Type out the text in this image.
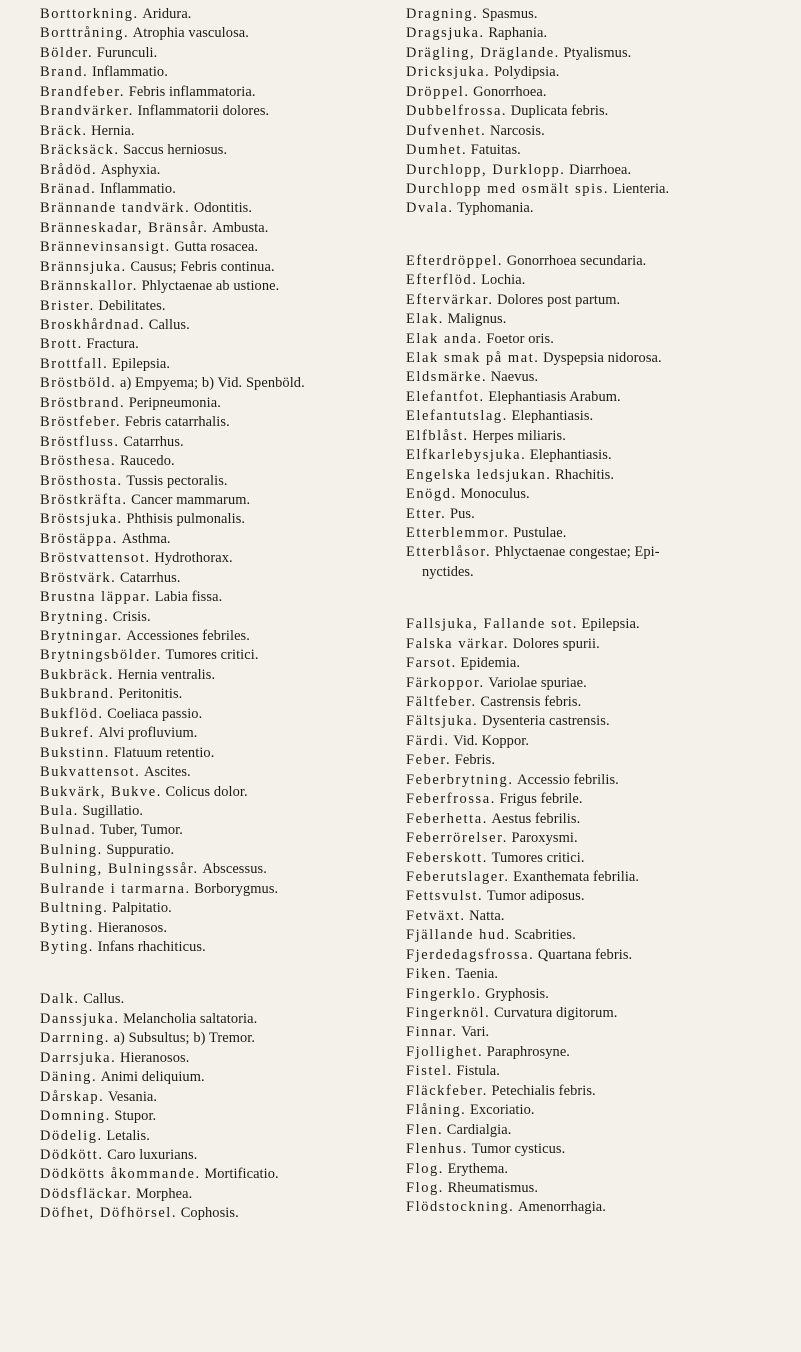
Borttorkning. Aridura.
Borttråning. Atrophia vasculosa.
Bölder. Furunculi.
Brand. Inflammatio.
Brandfeber. Febris inflammatoria.
Brandvärker. Inflammatorii dolores.
Bräck. Hernia.
Bräcksäck. Saccus herniosus.
Brådöd. Asphyxia.
Bränad. Inflammatio.
Brännande tandvärk. Odontitis.
Bränneskadar, Bränsår. Ambusta.
Brännevinsansigt. Gutta rosacea.
Brännsjuka. Causus; Febris continua.
Brännskallor. Phlyctaenae ab ustione.
Brister. Debilitates.
Broskhårdnad. Callus.
Brott. Fractura.
Brottfall. Epilepsia.
Bröstböld. a) Empyema; b) Vid. Spenböld.
Bröstbrand. Peripneumonia.
Bröstfeber. Febris catarrhalis.
Bröstfluss. Catarrhus.
Brösthesa. Raucedo.
Brösthosta. Tussis pectoralis.
Bröstkräfta. Cancer mammarum.
Bröstsjuka. Phthisis pulmonalis.
Bröstäppa. Asthma.
Bröstvattensot. Hydrothorax.
Bröstvärk. Catarrhus.
Brustna läppar. Labia fissa.
Brytning. Crisis.
Brytningar. Accessiones febriles.
Brytningsbölder. Tumores critici.
Bukbräck. Hernia ventralis.
Bukbrand. Peritonitis.
Bukflöd. Coeliaca passio.
Bukref. Alvi profluvium.
Bukstinn. Flatuum retentio.
Bukvattensot. Ascites.
Bukvärk, Bukve. Colicus dolor.
Bula. Sugillatio.
Bulnad. Tuber, Tumor.
Bulning. Suppuratio.
Bulning, Bulningssår. Abscessus.
Bulrande i tarmarna. Borborygmus.
Bultning. Palpitatio.
Byting. Hieranosos.
Byting. Infans rhachiticus.
Dalk. Callus.
Danssjuka. Melancholia saltatoria.
Darrning. a) Subsultus; b) Tremor.
Darrsjuka. Hieranosos.
Däning. Animi deliquium.
Dårskap. Vesania.
Domning. Stupor.
Dödelig. Letalis.
Dödkött. Caro luxurians.
Dödkötts åkommande. Mortificatio.
Dödsfläckar. Morphea.
Döfhet, Döfhörsel. Cophosis.
Dragning. Spasmus.
Dragsjuka. Raphania.
Drägling, Dräglande. Ptyalismus.
Dricksjuka. Polydipsia.
Dröppel. Gonorrhoea.
Dubbelfrossa. Duplicata febris.
Dufvenhet. Narcosis.
Dumhet. Fatuitas.
Durchlopp, Durklopp. Diarrhoea.
Durchlopp med osmält spis. Lienteria.
Dvala. Typhomania.
Efterdröppel. Gonorrhoea secundaria.
Efterflöd. Lochia.
Eftervärkar. Dolores post partum.
Elak. Malignus.
Elak anda. Foetor oris.
Elak smak på mat. Dyspepsia nidorosa.
Eldsmärke. Naevus.
Elefantfot. Elephantiasis Arabum.
Elefantutslag. Elephantiasis.
Elfblåst. Herpes miliaris.
Elfkarlebysjuka. Elephantiasis.
Engelska ledsjukan. Rhachitis.
Enögd. Monoculus.
Etter. Pus.
Etterblemmor. Pustulae.
Etterblåsor. Phlyctaenae congestae; Epi-
nyctides.
Fallsjuka, Fallande sot. Epilepsia.
Falska värkar. Dolores spurii.
Farsot. Epidemia.
Färkoppor. Variolae spuriae.
Fältfeber. Castrensis febris.
Fältsjuka. Dysenteria castrensis.
Färdi. Vid. Koppor.
Feber. Febris.
Feberbrytning. Accessio febrilis.
Feberfrossa. Frigus febrile.
Feberhetta. Aestus febrilis.
Feberrörelser. Paroxysmi.
Feberskott. Tumores critici.
Feberutslager. Exanthemata febrilia.
Fettsvulst. Tumor adiposus.
Fetväxt. Natta.
Fjällande hud. Scabrities.
Fjerdedagsfrossa. Quartana febris.
Fiken. Taenia.
Fingerklo. Gryphosis.
Fingerknöl. Curvatura digitorum.
Finnar. Vari.
Fjollighet. Paraphrosyne.
Fistel. Fistula.
Fläckfeber. Petechialis febris.
Flåning. Excoriatio.
Flen. Cardialgia.
Flenhus. Tumor cysticus.
Flog. Erythema.
Flog. Rheumatismus.
Flödstockning. Amenorrhagia.
